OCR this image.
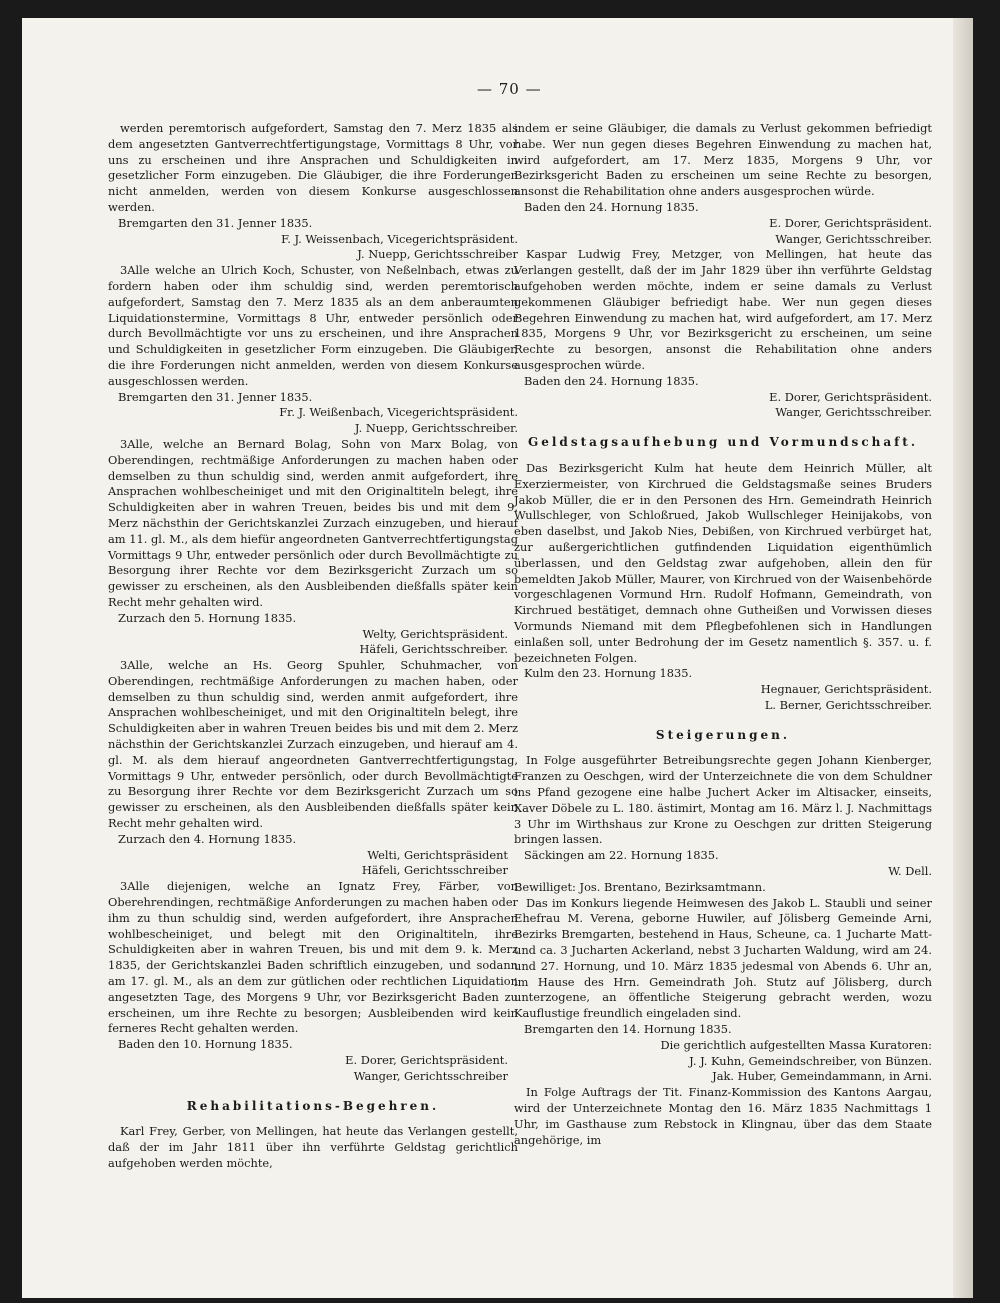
— 70 —

werden peremtorisch aufgefordert, Samstag den 7. Merz 1835 als dem angesetzten Gantverrechtfertigungstage, Vormittags 8 Uhr, vor uns zu erscheinen und ihre Ansprachen und Schuldigkeiten in gesetzlicher Form einzugeben. Die Gläubiger, die ihre Forderungen nicht anmelden, werden von diesem Konkurse ausgeschlossen werden.

Bremgarten den 31. Jenner 1835.

F. J. Weissenbach, Vicegerichtspräsident.

J. Nuepp, Gerichtsschreiber

3Alle welche an Ulrich Koch, Schuster, von Neßelnbach, etwas zu fordern haben oder ihm schuldig sind, werden peremtorisch aufgefordert, Samstag den 7. Merz 1835 als an dem anberaumten Liquidationstermine, Vormittags 8 Uhr, entweder persönlich oder durch Bevollmächtigte vor uns zu erscheinen, und ihre Ansprachen und Schuldigkeiten in gesetzlicher Form einzugeben. Die Gläubiger, die ihre Forderungen nicht anmelden, werden von diesem Konkurse ausgeschlossen werden.

Bremgarten den 31. Jenner 1835.

Fr. J. Weißenbach, Vicegerichtspräsident.

J. Nuepp, Gerichtsschreiber.

3Alle, welche an Bernard Bolag, Sohn von Marx Bolag, von Oberendingen, rechtmäßige Anforderungen zu machen haben oder demselben zu thun schuldig sind, werden anmit aufgefordert, ihre Ansprachen wohlbescheiniget und mit den Originaltiteln belegt, ihre Schuldigkeiten aber in wahren Treuen, beides bis und mit dem 9. Merz nächsthin der Gerichtskanzlei Zurzach einzugeben, und hierauf am 11. gl. M., als dem hiefür angeordneten Gantverrechtfertigungstag Vormittags 9 Uhr, entweder persönlich oder durch Bevollmächtigte zu Besorgung ihrer Rechte vor dem Bezirksgericht Zurzach um so gewisser zu erscheinen, als den Ausbleibenden dießfalls später kein Recht mehr gehalten wird.

Zurzach den 5. Hornung 1835.

Welty, Gerichtspräsident.

Häfeli, Gerichtsschreiber.

3Alle, welche an Hs. Georg Spuhler, Schuhmacher, von Oberendingen, rechtmäßige Anforderungen zu machen haben, oder demselben zu thun schuldig sind, werden anmit aufgefordert, ihre Ansprachen wohlbescheiniget, und mit den Originaltiteln belegt, ihre Schuldigkeiten aber in wahren Treuen beides bis und mit dem 2. Merz nächsthin der Gerichtskanzlei Zurzach einzugeben, und hierauf am 4. gl. M. als dem hierauf angeordneten Gantverrechtfertigungstag, Vormittags 9 Uhr, entweder persönlich, oder durch Bevollmächtigte zu Besorgung ihrer Rechte vor dem Bezirksgericht Zurzach um so gewisser zu erscheinen, als den Ausbleibenden dießfalls später kein Recht mehr gehalten wird.

Zurzach den 4. Hornung 1835.

Welti, Gerichtspräsident

Häfeli, Gerichtsschreiber

3Alle diejenigen, welche an Ignatz Frey, Färber, von Oberehrendingen, rechtmäßige Anforderungen zu machen haben oder ihm zu thun schuldig sind, werden aufgefordert, ihre Ansprachen wohlbescheiniget, und belegt mit den Originaltiteln, ihre Schuldigkeiten aber in wahren Treuen, bis und mit dem 9. k. Merz 1835, der Gerichtskanzlei Baden schriftlich einzugeben, und sodann am 17. gl. M., als an dem zur gütlichen oder rechtlichen Liquidation angesetzten Tage, des Morgens 9 Uhr, vor Bezirksgericht Baden zu erscheinen, um ihre Rechte zu besorgen; Ausbleibenden wird kein ferneres Recht gehalten werden.

Baden den 10. Hornung 1835.

E. Dorer, Gerichtspräsident.

Wanger, Gerichtsschreiber

Rehabilitations-Begehren.

Karl Frey, Gerber, von Mellingen, hat heute das Verlangen gestellt, daß der im Jahr 1811 über ihn verführte Geldstag gerichtlich aufgehoben werden möchte,

indem er seine Gläubiger, die damals zu Verlust gekommen befriedigt habe. Wer nun gegen dieses Begehren Einwendung zu machen hat, wird aufgefordert, am 17. Merz 1835, Morgens 9 Uhr, vor Bezirksgericht Baden zu erscheinen um seine Rechte zu besorgen, ansonst die Rehabilitation ohne anders ausgesprochen würde.

Baden den 24. Hornung 1835.

E. Dorer, Gerichtspräsident.

Wanger, Gerichtsschreiber.

Kaspar Ludwig Frey, Metzger, von Mellingen, hat heute das Verlangen gestellt, daß der im Jahr 1829 über ihn verführte Geldstag aufgehoben werden möchte, indem er seine damals zu Verlust gekommenen Gläubiger befriedigt habe. Wer nun gegen dieses Begehren Einwendung zu machen hat, wird aufgefordert, am 17. Merz 1835, Morgens 9 Uhr, vor Bezirksgericht zu erscheinen, um seine Rechte zu besorgen, ansonst die Rehabilitation ohne anders ausgesprochen würde.

Baden den 24. Hornung 1835.

E. Dorer, Gerichtspräsident.

Wanger, Gerichtsschreiber.

Geldstagsaufhebung und Vormundschaft.

Das Bezirksgericht Kulm hat heute dem Heinrich Müller, alt Exerziermeister, von Kirchrued die Geldstagsmaße seines Bruders Jakob Müller, die er in den Personen des Hrn. Gemeindrath Heinrich Wullschleger, von Schloßrued, Jakob Wullschleger Heinijakobs, von eben daselbst, und Jakob Nies, Debißen, von Kirchrued verbürget hat, zur außergerichtlichen gutfindenden Liquidation eigenthümlich überlassen, und den Geldstag zwar aufgehoben, allein den für bemeldten Jakob Müller, Maurer, von Kirchrued von der Waisenbehörde vorgeschlagenen Vormund Hrn. Rudolf Hofmann, Gemeindrath, von Kirchrued bestätiget, demnach ohne Gutheißen und Vorwissen dieses Vormunds Niemand mit dem Pflegbefohlenen sich in Handlungen einlaßen soll, unter Bedrohung der im Gesetz namentlich §. 357. u. f. bezeichneten Folgen.

Kulm den 23. Hornung 1835.

Hegnauer, Gerichtspräsident.

L. Berner, Gerichtsschreiber.

Steigerungen.

In Folge ausgeführter Betreibungsrechte gegen Johann Kienberger, Franzen zu Oeschgen, wird der Unterzeichnete die von dem Schuldner ins Pfand gezogene eine halbe Juchert Acker im Altisacker, einseits, Xaver Döbele zu L. 180. ästimirt, Montag am 16. März l. J. Nachmittags 3 Uhr im Wirthshaus zur Krone zu Oeschgen zur dritten Steigerung bringen lassen.

Säckingen am 22. Hornung 1835.

W. Dell.

Bewilliget: Jos. Brentano, Bezirksamtmann.

Das im Konkurs liegende Heimwesen des Jakob L. Staubli und seiner Ehefrau M. Verena, geborne Huwiler, auf Jölisberg Gemeinde Arni, Bezirks Bremgarten, bestehend in Haus, Scheune, ca. 1 Jucharte Matt- und ca. 3 Jucharten Ackerland, nebst 3 Jucharten Waldung, wird am 24. und 27. Hornung, und 10. März 1835 jedesmal von Abends 6. Uhr an, im Hause des Hrn. Gemeindrath Joh. Stutz auf Jölisberg, durch unterzogene, an öffentliche Steigerung gebracht werden, wozu Kauflustige freundlich eingeladen sind.

Bremgarten den 14. Hornung 1835.

Die gerichtlich aufgestellten Massa Kuratoren:

J. J. Kuhn, Gemeindschreiber, von Bünzen.

Jak. Huber, Gemeindammann, in Arni.

In Folge Auftrags der Tit. Finanz-Kommission des Kantons Aargau, wird der Unterzeichnete Montag den 16. März 1835 Nachmittags 1 Uhr, im Gasthause zum Rebstock in Klingnau, über das dem Staate angehörige, im
